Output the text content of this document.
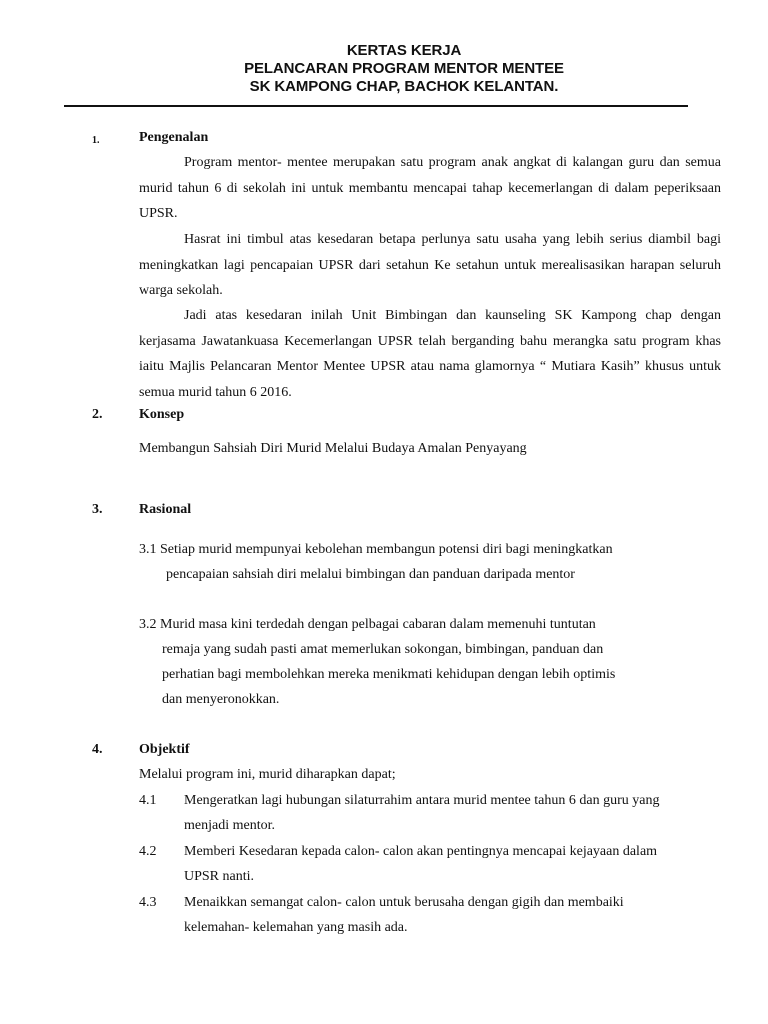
KERTAS KERJA
PELANCARAN PROGRAM MENTOR MENTEE
SK KAMPONG CHAP, BACHOK KELANTAN.
1.	Pengenalan
Program mentor- mentee merupakan satu program anak angkat di kalangan guru dan semua murid tahun 6 di sekolah ini untuk membantu mencapai tahap kecemerlangan di dalam peperiksaan UPSR.
Hasrat ini timbul atas kesedaran betapa perlunya satu usaha yang lebih serius diambil bagi meningkatkan lagi pencapaian UPSR dari setahun Ke setahun untuk merealisasikan harapan seluruh warga sekolah.
Jadi atas kesedaran inilah Unit Bimbingan dan kaunseling SK Kampong chap dengan kerjasama Jawatankuasa Kecemerlangan UPSR telah berganding bahu merangka satu program khas iaitu Majlis Pelancaran Mentor Mentee UPSR atau nama glamornya “ Mutiara Kasih” khusus untuk semua murid tahun 6 2016.
2.	Konsep
Membangun Sahsiah Diri Murid Melalui Budaya Amalan Penyayang
3.	Rasional
3.1 Setiap murid mempunyai kebolehan membangun potensi diri bagi meningkatkan
pencapaian sahsiah diri melalui bimbingan dan panduan daripada mentor
3.2 Murid masa kini terdedah dengan pelbagai cabaran dalam memenuhi tuntutan
remaja yang sudah pasti amat memerlukan sokongan, bimbingan, panduan dan
perhatian bagi membolehkan mereka menikmati kehidupan dengan lebih optimis
dan menyeronokkan.
4.	Objektif
Melalui program ini, murid diharapkan dapat;
4.1 Mengeratkan lagi hubungan silaturrahim antara murid mentee tahun 6 dan guru yang
menjadi mentor.
4.2 Memberi Kesedaran kepada calon- calon akan pentingnya mencapai kejayaan dalam
UPSR nanti.
4.3 Menaikkan semangat calon- calon untuk berusaha dengan gigih dan membaiki
kelemahan- kelemahan yang masih ada.
